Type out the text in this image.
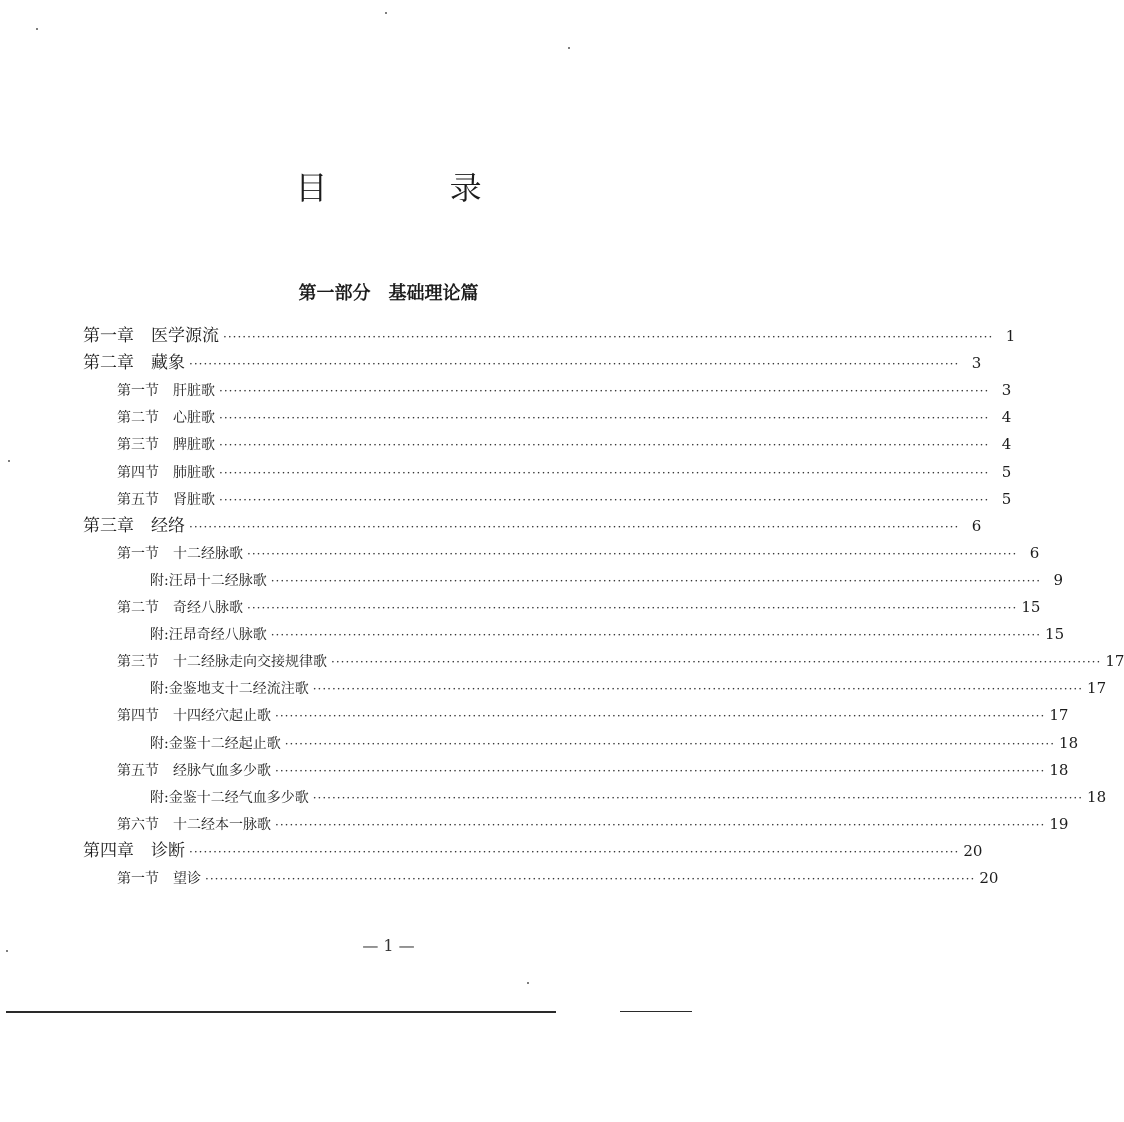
目 录
第一部分　基础理论篇
第一章　医学源流 ································································································································································ 1
第二章　藏象 ································································································································································ 3
第一节　肝脏歌 ································································································································································ 3
第二节　心脏歌 ································································································································································ 4
第三节　脾脏歌 ································································································································································ 4
第四节　肺脏歌 ································································································································································ 5
第五节　肾脏歌 ································································································································································ 5
第三章　经络 ································································································································································ 6
第一节　十二经脉歌 ································································································································································ 6
附:汪昂十二经脉歌 ································································································································································ 9
第二节　奇经八脉歌 ································································································································································ 15
附:汪昂奇经八脉歌 ································································································································································ 15
第三节　十二经脉走向交接规律歌 ································································································································································ 17
附:金鉴地支十二经流注歌 ································································································································································ 17
第四节　十四经穴起止歌 ································································································································································ 17
附:金鉴十二经起止歌 ································································································································································ 18
第五节　经脉气血多少歌 ································································································································································ 18
附:金鉴十二经气血多少歌 ································································································································································ 18
第六节　十二经本一脉歌 ································································································································································ 19
第四章　诊断 ································································································································································ 20
第一节　望诊 ································································································································································ 20
— 1 —
